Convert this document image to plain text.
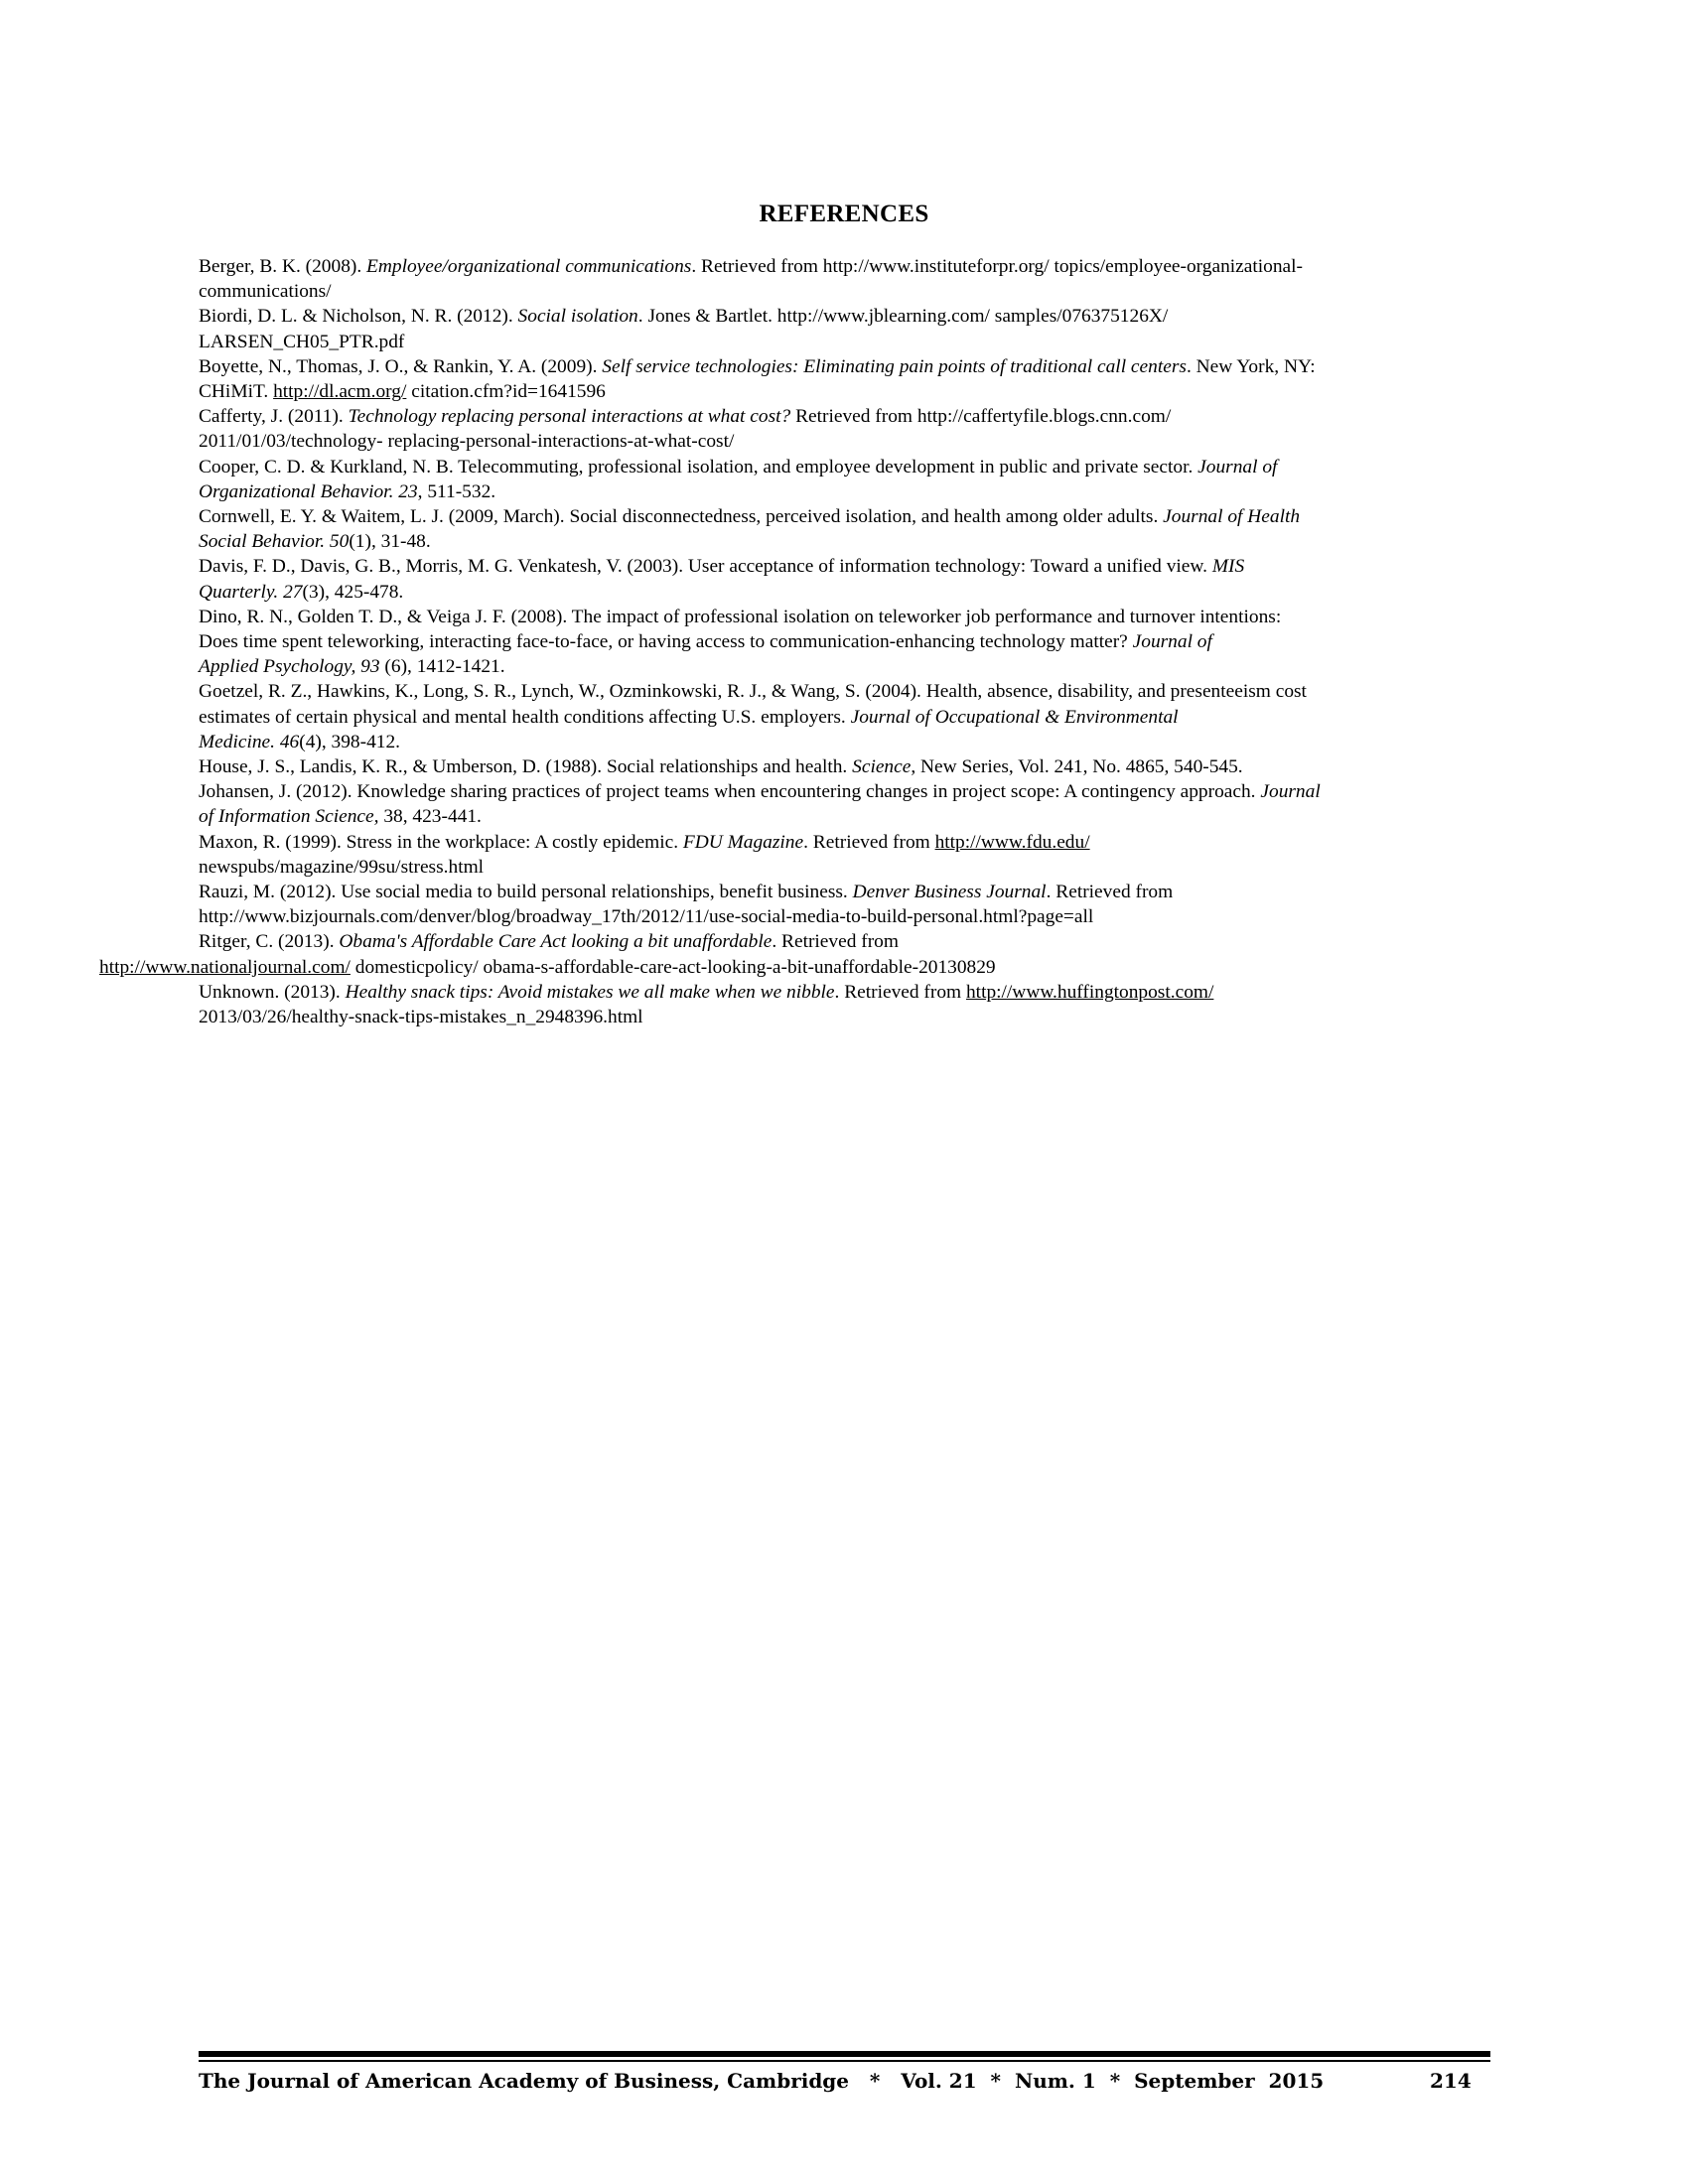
REFERENCES

Berger, B. K. (2008). Employee/organizational communications. Retrieved from http://www.instituteforpr.org/ topics/employee-organizational-
communications/

Biordi, D. L. & Nicholson, N. R. (2012). Social isolation. Jones & Bartlet. http://www.jblearning.com/ samples/076375126X/
LARSEN_CH05_PTR.pdf

Boyette, N., Thomas, J. O., & Rankin, Y. A. (2009). Self service technologies: Eliminating pain points of traditional call centers. New York, NY:
CHiMiT. http://dl.acm.org/ citation.cfm?id=1641596

Cafferty, J. (2011). Technology replacing personal interactions at what cost? Retrieved from http://caffertyfile.blogs.cnn.com/
2011/01/03/technology- replacing-personal-interactions-at-what-cost/

Cooper, C. D. & Kurkland, N. B. Telecommuting, professional isolation, and employee development in public and private sector. Journal of
Organizational Behavior. 23, 511-532.

Cornwell, E. Y. & Waitem, L. J. (2009, March). Social disconnectedness, perceived isolation, and health among older adults. Journal of Health
Social Behavior. 50(1), 31-48.

Davis, F. D., Davis, G. B., Morris, M. G. Venkatesh, V. (2003). User acceptance of information technology: Toward a unified view. MIS
Quarterly. 27(3), 425-478.

Dino, R. N., Golden T. D., & Veiga J. F. (2008). The impact of professional isolation on teleworker job performance and turnover intentions:
Does time spent teleworking, interacting face-to-face, or having access to communication-enhancing technology matter? Journal of
Applied Psychology, 93 (6), 1412-1421.

Goetzel, R. Z., Hawkins, K., Long, S. R., Lynch, W., Ozminkowski, R. J., & Wang, S. (2004). Health, absence, disability, and presenteeism cost
estimates of certain physical and mental health conditions affecting U.S. employers. Journal of Occupational & Environmental
Medicine. 46(4), 398-412.

House, J. S., Landis, K. R., & Umberson, D. (1988). Social relationships and health. Science, New Series, Vol. 241, No. 4865, 540-545.

Johansen, J. (2012). Knowledge sharing practices of project teams when encountering changes in project scope: A contingency approach. Journal
of Information Science, 38, 423-441.

Maxon, R. (1999). Stress in the workplace: A costly epidemic. FDU Magazine. Retrieved from http://www.fdu.edu/
newspubs/magazine/99su/stress.html

Rauzi, M. (2012). Use social media to build personal relationships, benefit business. Denver Business Journal. Retrieved from
http://www.bizjournals.com/denver/blog/broadway_17th/2012/11/use-social-media-to-build-personal.html?page=all

Ritger, C. (2013). Obama's Affordable Care Act looking a bit unaffordable. Retrieved from
http://www.nationaljournal.com/ domesticpolicy/ obama-s-affordable-care-act-looking-a-bit-unaffordable-20130829

Unknown. (2013). Healthy snack tips: Avoid mistakes we all make when we nibble. Retrieved from http://www.huffingtonpost.com/
2013/03/26/healthy-snack-tips-mistakes_n_2948396.html

The Journal of American Academy of Business, Cambridge   *   Vol. 21  *  Num. 1  *  September  2015	214
